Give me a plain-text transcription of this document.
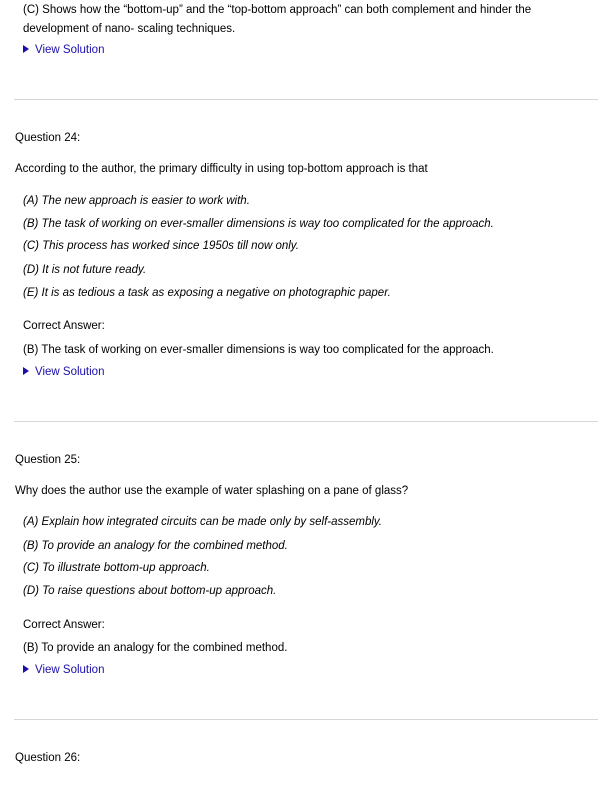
(C) Shows how the “bottom-up” and the “top-bottom approach” can both complement and hinder the
development of nano- scaling techniques.
View Solution
Question 24:
According to the author, the primary difficulty in using top-bottom approach is that
(A) The new approach is easier to work with.
(B) The task of working on ever-smaller dimensions is way too complicated for the approach.
(C) This process has worked since 1950s till now only.
(D) It is not future ready.
(E) It is as tedious a task as exposing a negative on photographic paper.
Correct Answer:
(B) The task of working on ever-smaller dimensions is way too complicated for the approach.
View Solution
Question 25:
Why does the author use the example of water splashing on a pane of glass?
(A) Explain how integrated circuits can be made only by self-assembly.
(B) To provide an analogy for the combined method.
(C) To illustrate bottom-up approach.
(D) To raise questions about bottom-up approach.
Correct Answer:
(B) To provide an analogy for the combined method.
View Solution
Question 26:
